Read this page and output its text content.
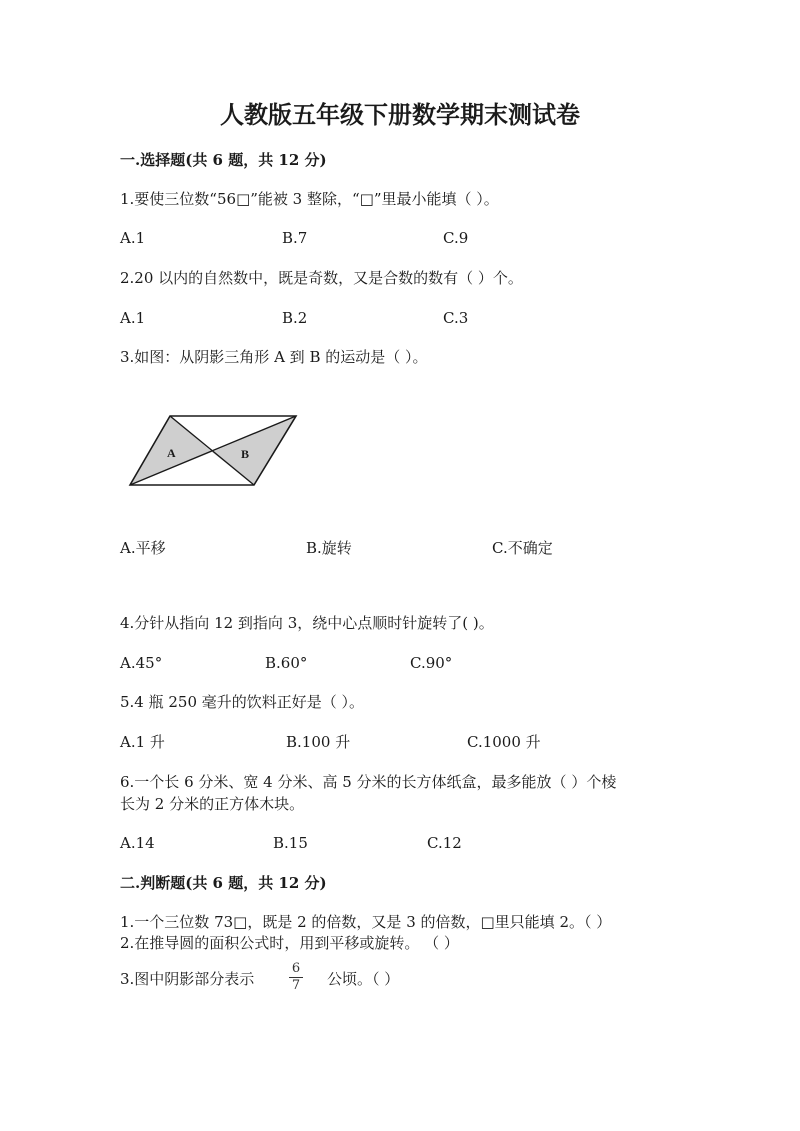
人教版五年级下册数学期末测试卷
一.选择题(共 6 题，共 12 分)
1.要使三位数“56□”能被 3 整除，“□”里最小能填（ ）。
A.1	B.7	C.9
2.20 以内的自然数中，既是奇数，又是合数的数有（ ）个。
A.1	B.2	C.3
3.如图：从阴影三角形 A 到 B 的运动是（ ）。
A	B
A.平移	B.旋转	C.不确定
4.分针从指向 12 到指向 3，绕中心点顺时针旋转了( )。
A.45°	B.60°	C.90°
5.4 瓶 250 毫升的饮料正好是（ ）。
A.1 升	B.100 升	C.1000 升
6.一个长 6 分米、宽 4 分米、高 5 分米的长方体纸盒，最多能放（ ）个棱
长为 2 分米的正方体木块。
A.14	B.15	C.12
二.判断题(共 6 题，共 12 分)
1.一个三位数 73□，既是 2 的倍数，又是 3 的倍数，□里只能填 2。（ ）
2.在推导圆的面积公式时，用到平移或旋转。 （ ）
3.图中阴影部分表示
6
7 公顷。（ ）
